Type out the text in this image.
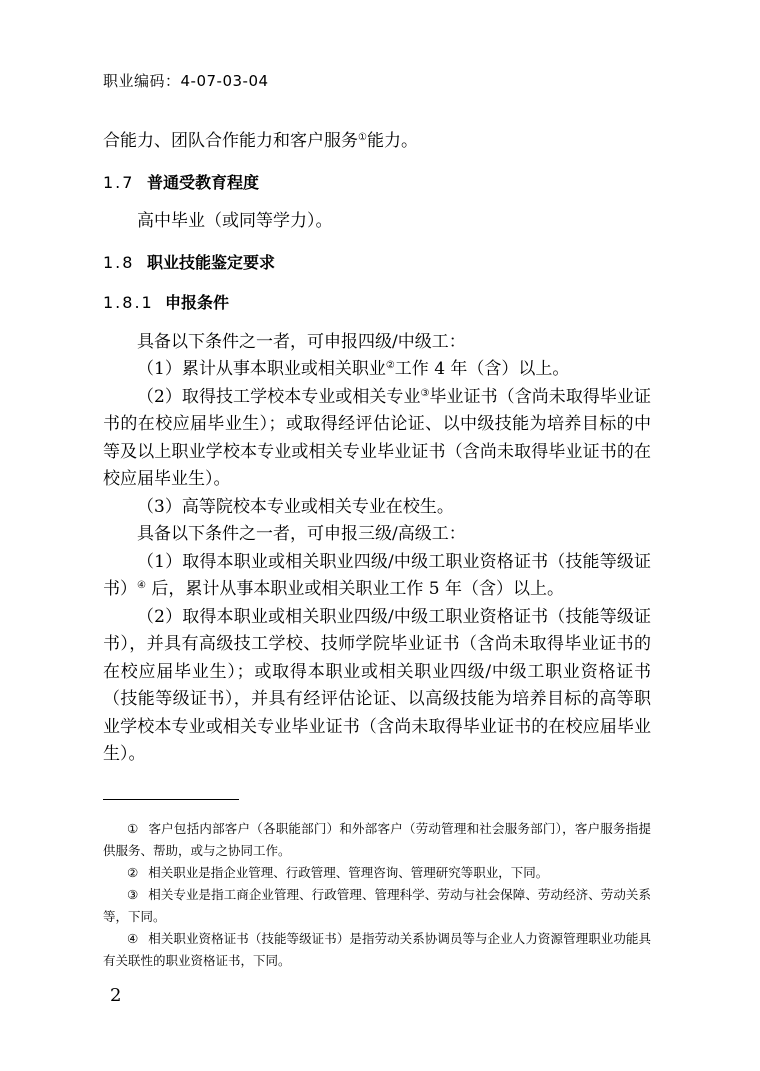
职业编码：4-07-03-04

合能力、团队合作能力和客户服务①能力。

1.7 普通受教育程度

高中毕业（或同等学力）。

1.8 职业技能鉴定要求
1.8.1 申报条件

具备以下条件之一者，可申报四级/中级工：

（1）累计从事本职业或相关职业②工作 4 年（含）以上。

（2）取得技工学校本专业或相关专业③毕业证书（含尚未取得毕业证书的在校应届毕业生）；或取得经评估论证、以中级技能为培养目标的中等及以上职业学校本专业或相关专业毕业证书（含尚未取得毕业证书的在校应届毕业生）。

（3）高等院校本专业或相关专业在校生。

具备以下条件之一者，可申报三级/高级工：

（1）取得本职业或相关职业四级/中级工职业资格证书（技能等级证书）④ 后，累计从事本职业或相关职业工作 5 年（含）以上。

（2）取得本职业或相关职业四级/中级工职业资格证书（技能等级证书），并具有高级技工学校、技师学院毕业证书（含尚未取得毕业证书的在校应届毕业生）；或取得本职业或相关职业四级/中级工职业资格证书（技能等级证书），并具有经评估论证、以高级技能为培养目标的高等职业学校本专业或相关专业毕业证书（含尚未取得毕业证书的在校应届毕业生）。

① 客户包括内部客户（各职能部门）和外部客户（劳动管理和社会服务部门），客户服务指提供服务、帮助，或与之协同工作。

② 相关职业是指企业管理、行政管理、管理咨询、管理研究等职业，下同。

③ 相关专业是指工商企业管理、行政管理、管理科学、劳动与社会保障、劳动经济、劳动关系等，下同。

④ 相关职业资格证书（技能等级证书）是指劳动关系协调员等与企业人力资源管理职业功能具有关联性的职业资格证书，下同。

2
